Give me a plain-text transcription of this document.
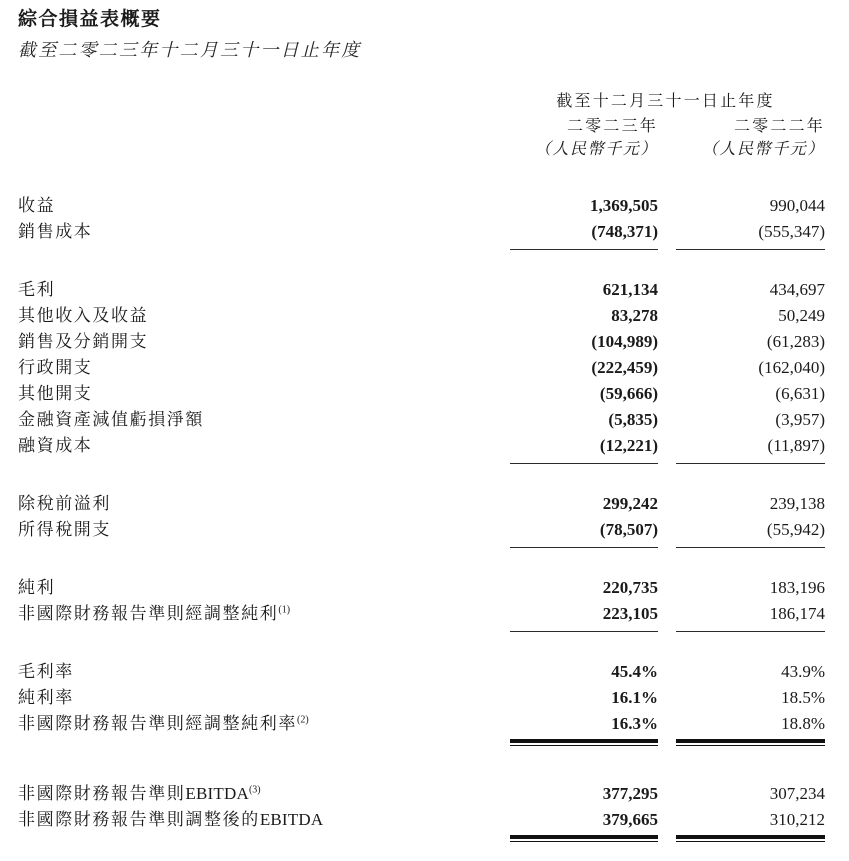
綜合損益表概要
截至二零二三年十二月三十一日止年度
截至十二月三十一日止年度
二零二三年	二零二二年
（人民幣千元）	（人民幣千元）
收益	1,369,505	990,044
銷售成本	(748,371)	(555,347)
毛利	621,134	434,697
其他收入及收益	83,278	50,249
銷售及分銷開支	(104,989)	(61,283)
行政開支	(222,459)	(162,040)
其他開支	(59,666)	(6,631)
金融資產減值虧損淨額	(5,835)	(3,957)
融資成本	(12,221)	(11,897)
除稅前溢利	299,242	239,138
所得稅開支	(78,507)	(55,942)
純利	220,735	183,196
非國際財務報告準則經調整純利$^{(1)}$	223,105	186,174
毛利率	45.4%	43.9%
純利率	16.1%	18.5%
非國際財務報告準則經調整純利率$^{(2)}$	16.3%	18.8%
非國際財務報告準則EBITDA$^{(3)}$	377,295	307,234
非國際財務報告準則調整後的EBITDA	379,665	310,212
